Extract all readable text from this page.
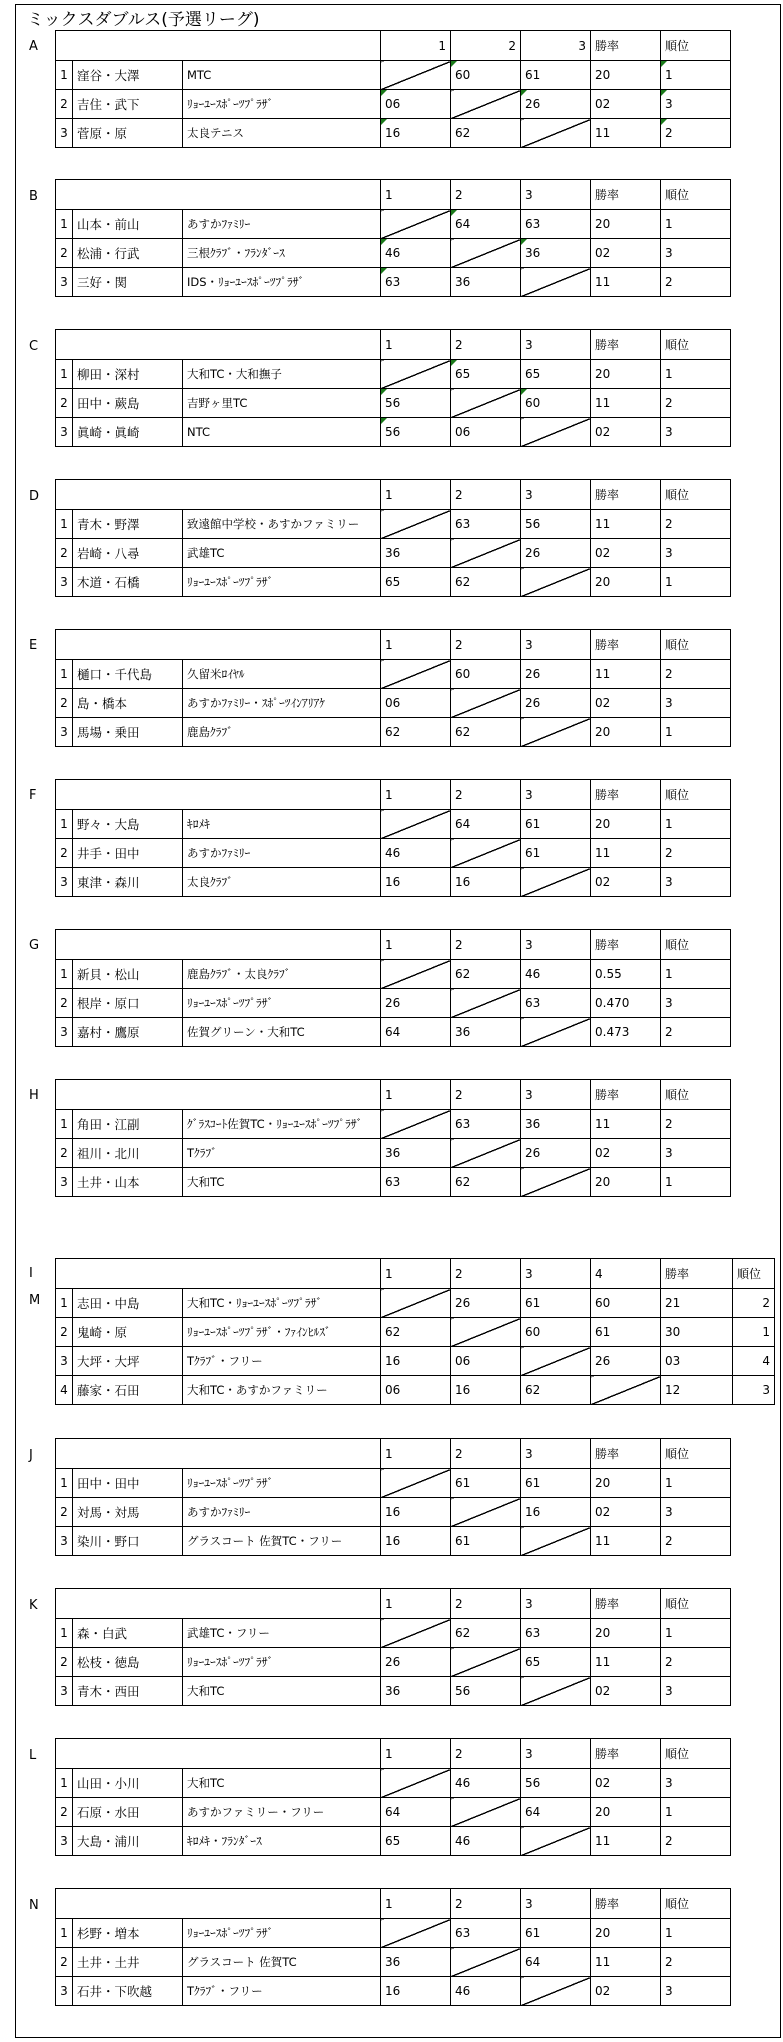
ミックスダブルス(予選リーグ)
A
			1	2	3	勝率	順位
1	窪谷・大澤	MTC		60	61	20	1

2	吉住・武下	ﾘｮｰﾕｰｽﾎﾟｰﾂﾌﾟﾗｻﾞ	06		26	02	3

3	菅原・原	太良テニス	16	62		11	2
B
			1	2	3	勝率	順位
1	山本・前山	あすかﾌｧﾐﾘｰ		64	63	20	1
2	松浦・行武	三根ｸﾗﾌﾞ・ﾌﾗﾝﾀﾞｰｽ	46		36	02	3
3	三好・関	IDS・ﾘｮｰﾕｰｽﾎﾟｰﾂﾌﾟﾗｻﾞ	63	36		11	2
C
			1	2	3	勝率	順位
1	柳田・深村	大和TC・大和撫子		65	65	20	1
2	田中・蕨島	吉野ヶ里TC	56		60	11	2
3	眞崎・眞崎	NTC	56	06		02	3
D
			1	2	3	勝率	順位
1	青木・野澤	致遠館中学校・あすかファミリー		63	56	11	2
2	岩崎・八尋	武雄TC	36		26	02	3
3	木道・石橋	ﾘｮｰﾕｰｽﾎﾟｰﾂﾌﾟﾗｻﾞ	65	62		20	1
E
			1	2	3	勝率	順位
1	樋口・千代島	久留米ﾛｲﾔﾙ		60	26	11	2
2	島・橋本	あすかﾌｧﾐﾘｰ・ｽﾎﾟｰﾂｲﾝｱﾘｱｹ	06		26	02	3
3	馬場・乗田	鹿島ｸﾗﾌﾞ	62	62		20	1
F
			1	2	3	勝率	順位
1	野々・大島	ｷﾛﾒｷ		64	61	20	1
2	井手・田中	あすかﾌｧﾐﾘｰ	46		61	11	2
3	東津・森川	太良ｸﾗﾌﾞ	16	16		02	3
G
			1	2	3	勝率	順位
1	新貝・松山	鹿島ｸﾗﾌﾞ・太良ｸﾗﾌﾞ		62	46	0.55	1
2	根岸・原口	ﾘｮｰﾕｰｽﾎﾟｰﾂﾌﾟﾗｻﾞ	26		63	0.470	3
3	嘉村・鷹原	佐賀グリーン・大和TC	64	36		0.473	2
H
			1	2	3	勝率	順位
1	角田・江副	ｸﾞﾗｽｺｰﾄ佐賀TC・ﾘｮｰﾕｰｽﾎﾟｰﾂﾌﾟﾗｻﾞ		63	36	11	2
2	祖川・北川	Tｸﾗﾌﾞ	36		26	02	3
3	土井・山本	大和TC	63	62		20	1
I
M
			1	2	3	4	勝率	順位
1	志田・中島	大和TC・ﾘｮｰﾕｰｽﾎﾟｰﾂﾌﾟﾗｻﾞ		26	61	60	21	2
2	鬼崎・原	ﾘｮｰﾕｰｽﾎﾟｰﾂﾌﾟﾗｻﾞ・ﾌｧｲﾝﾋﾙｽﾞ	62		60	61	30	1
3	大坪・大坪	Tｸﾗﾌﾞ・フリー	16	06		26	03	4
4	藤家・石田	大和TC・あすかファミリー	06	16	62		12	3
J
			1	2	3	勝率	順位
1	田中・田中	ﾘｮｰﾕｰｽﾎﾟｰﾂﾌﾟﾗｻﾞ		61	61	20	1
2	対馬・対馬	あすかﾌｧﾐﾘｰ	16		16	02	3
3	染川・野口	グラスコート 佐賀TC・フリー	16	61		11	2
K
			1	2	3	勝率	順位
1	森・白武	武雄TC・フリー		62	63	20	1
2	松枝・徳島	ﾘｮｰﾕｰｽﾎﾟｰﾂﾌﾟﾗｻﾞ	26		65	11	2
3	青木・西田	大和TC	36	56		02	3
L
			1	2	3	勝率	順位
1	山田・小川	大和TC		46	56	02	3
2	石原・水田	あすかファミリー・フリー	64		64	20	1
3	大島・浦川	ｷﾛﾒｷ・ﾌﾗﾝﾀﾞｰｽ	65	46		11	2
N
			1	2	3	勝率	順位
1	杉野・増本	ﾘｮｰﾕｰｽﾎﾟｰﾂﾌﾟﾗｻﾞ		63	61	20	1
2	土井・土井	グラスコート 佐賀TC	36		64	11	2
3	石井・下吹越	Tｸﾗﾌﾞ・フリー	16	46		02	3
